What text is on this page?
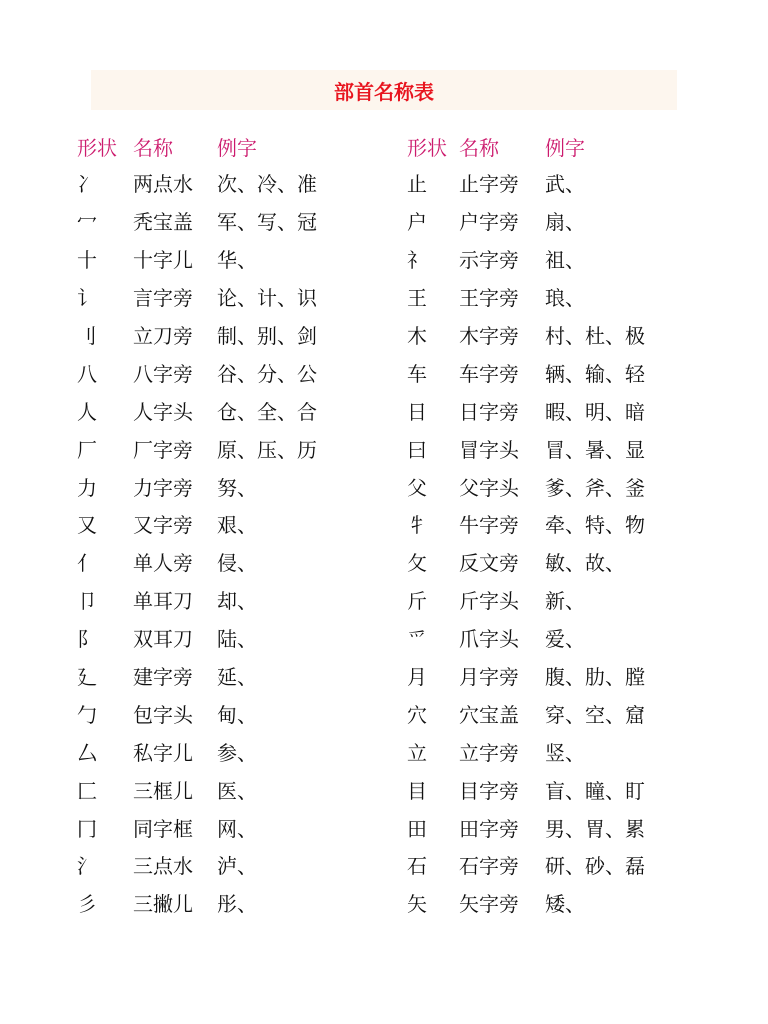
部首名称表
形状 名称	例字
冫	两点水	次、冷、准
冖	秃宝盖	军、写、冠
十	十字儿	华、
讠	言字旁	论、计、识
刂	立刀旁	制、别、剑
八	八字旁	谷、分、公
人	人字头	仓、全、合
厂	厂字旁	原、压、历
力	力字旁	努、
又	又字旁	艰、
亻	单人旁	侵、
卩	单耳刀	却、
阝	双耳刀	陆、
廴	建字旁	延、
勹	包字头	甸、
厶	私字儿	参、
匚	三框儿	医、
冂	同字框	网、
氵	三点水	泸、
彡	三撇儿	彤、
形状 名称	例字
止	止字旁	武、
户	户字旁	扇、
礻	示字旁	祖、
王	王字旁	琅、
木	木字旁	村、杜、极
车	车字旁	辆、输、轻
日	日字旁	暇、明、暗
曰	冒字头	冒、暑、显
父	父字头	爹、斧、釜
牜	牛字旁	牵、特、物
攵	反文旁	敏、故、
斤	斤字头	新、
爫	爪字头	爱、
月	月字旁	腹、肋、膛
穴	穴宝盖	穿、空、窟
立	立字旁	竖、
目	目字旁	盲、瞳、盯
田	田字旁	男、胃、累
石	石字旁	研、砂、磊
矢	矢字旁	矮、
